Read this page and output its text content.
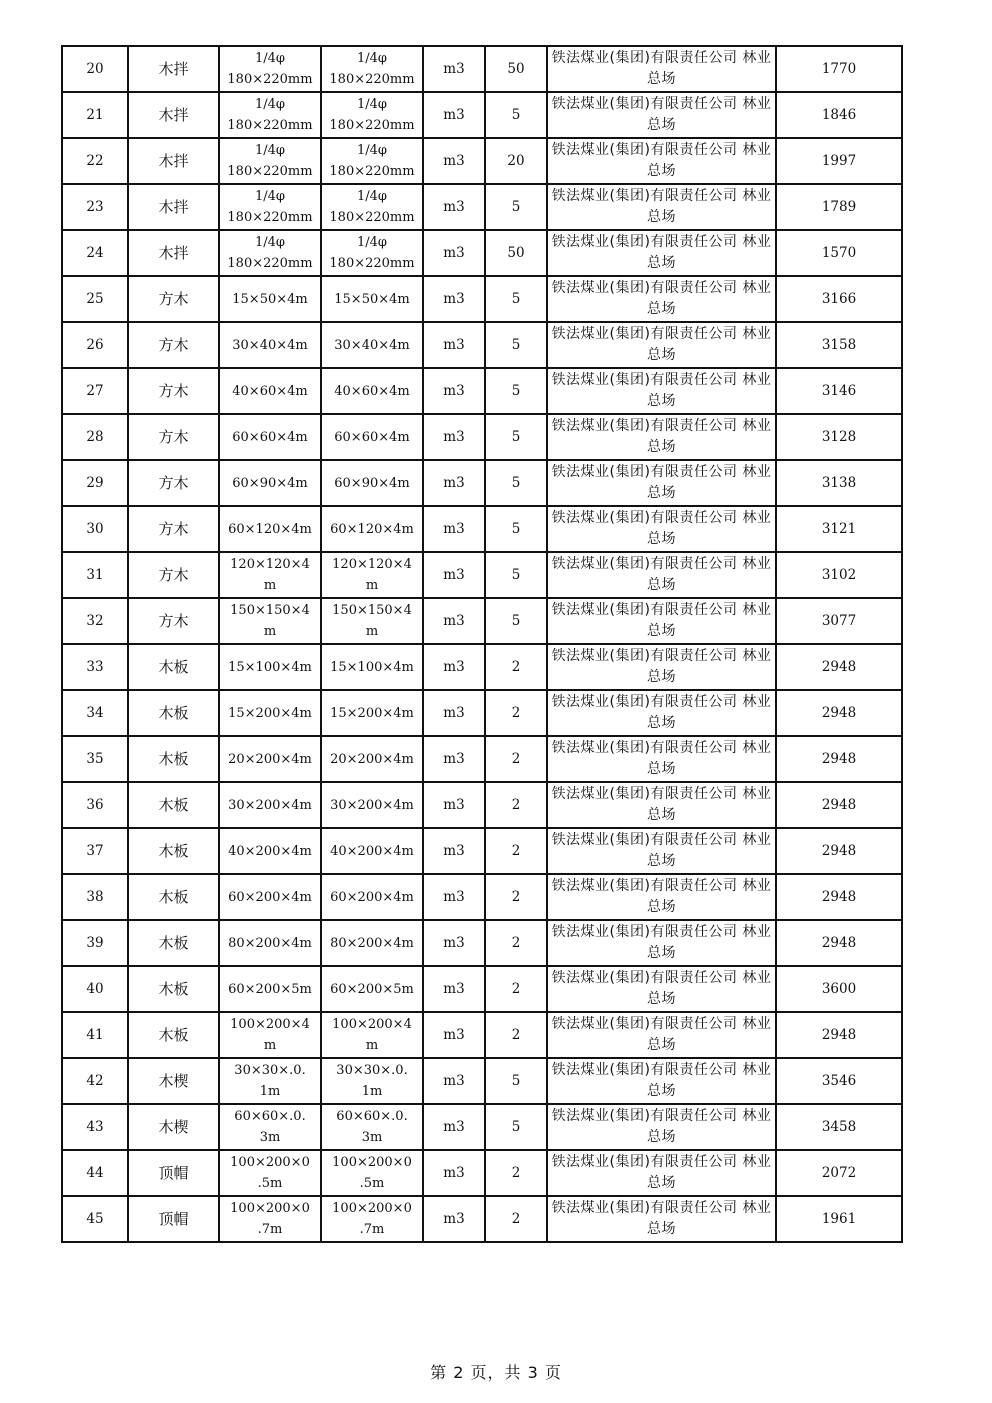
20	木拌	1/4φ 180×220mm	1/4φ 180×220mm	m3	50	铁法煤业(集团)有限责任公司 林业总场	1770
21	木拌	1/4φ 180×220mm	1/4φ 180×220mm	m3	5	铁法煤业(集团)有限责任公司 林业总场	1846
22	木拌	1/4φ 180×220mm	1/4φ 180×220mm	m3	20	铁法煤业(集团)有限责任公司 林业总场	1997
23	木拌	1/4φ 180×220mm	1/4φ 180×220mm	m3	5	铁法煤业(集团)有限责任公司 林业总场	1789
24	木拌	1/4φ 180×220mm	1/4φ 180×220mm	m3	50	铁法煤业(集团)有限责任公司 林业总场	1570
25	方木	15×50×4m	15×50×4m	m3	5	铁法煤业(集团)有限责任公司 林业总场	3166
26	方木	30×40×4m	30×40×4m	m3	5	铁法煤业(集团)有限责任公司 林业总场	3158
27	方木	40×60×4m	40×60×4m	m3	5	铁法煤业(集团)有限责任公司 林业总场	3146
28	方木	60×60×4m	60×60×4m	m3	5	铁法煤业(集团)有限责任公司 林业总场	3128
29	方木	60×90×4m	60×90×4m	m3	5	铁法煤业(集团)有限责任公司 林业总场	3138
30	方木	60×120×4m	60×120×4m	m3	5	铁法煤业(集团)有限责任公司 林业总场	3121
31	方木	120×120×4 m	120×120×4 m	m3	5	铁法煤业(集团)有限责任公司 林业总场	3102
32	方木	150×150×4 m	150×150×4 m	m3	5	铁法煤业(集团)有限责任公司 林业总场	3077
33	木板	15×100×4m	15×100×4m	m3	2	铁法煤业(集团)有限责任公司 林业总场	2948
34	木板	15×200×4m	15×200×4m	m3	2	铁法煤业(集团)有限责任公司 林业总场	2948
35	木板	20×200×4m	20×200×4m	m3	2	铁法煤业(集团)有限责任公司 林业总场	2948
36	木板	30×200×4m	30×200×4m	m3	2	铁法煤业(集团)有限责任公司 林业总场	2948
37	木板	40×200×4m	40×200×4m	m3	2	铁法煤业(集团)有限责任公司 林业总场	2948
38	木板	60×200×4m	60×200×4m	m3	2	铁法煤业(集团)有限责任公司 林业总场	2948
39	木板	80×200×4m	80×200×4m	m3	2	铁法煤业(集团)有限责任公司 林业总场	2948
40	木板	60×200×5m	60×200×5m	m3	2	铁法煤业(集团)有限责任公司 林业总场	3600
41	木板	100×200×4 m	100×200×4 m	m3	2	铁法煤业(集团)有限责任公司 林业总场	2948
42	木楔	30×30×.0. 1m	30×30×.0. 1m	m3	5	铁法煤业(集团)有限责任公司 林业总场	3546
43	木楔	60×60×.0. 3m	60×60×.0. 3m	m3	5	铁法煤业(集团)有限责任公司 林业总场	3458
44	顶帽	100×200×0 .5m	100×200×0 .5m	m3	2	铁法煤业(集团)有限责任公司 林业总场	2072
45	顶帽	100×200×0 .7m	100×200×0 .7m	m3	2	铁法煤业(集团)有限责任公司 林业总场	1961
第 2 页，共 3 页
